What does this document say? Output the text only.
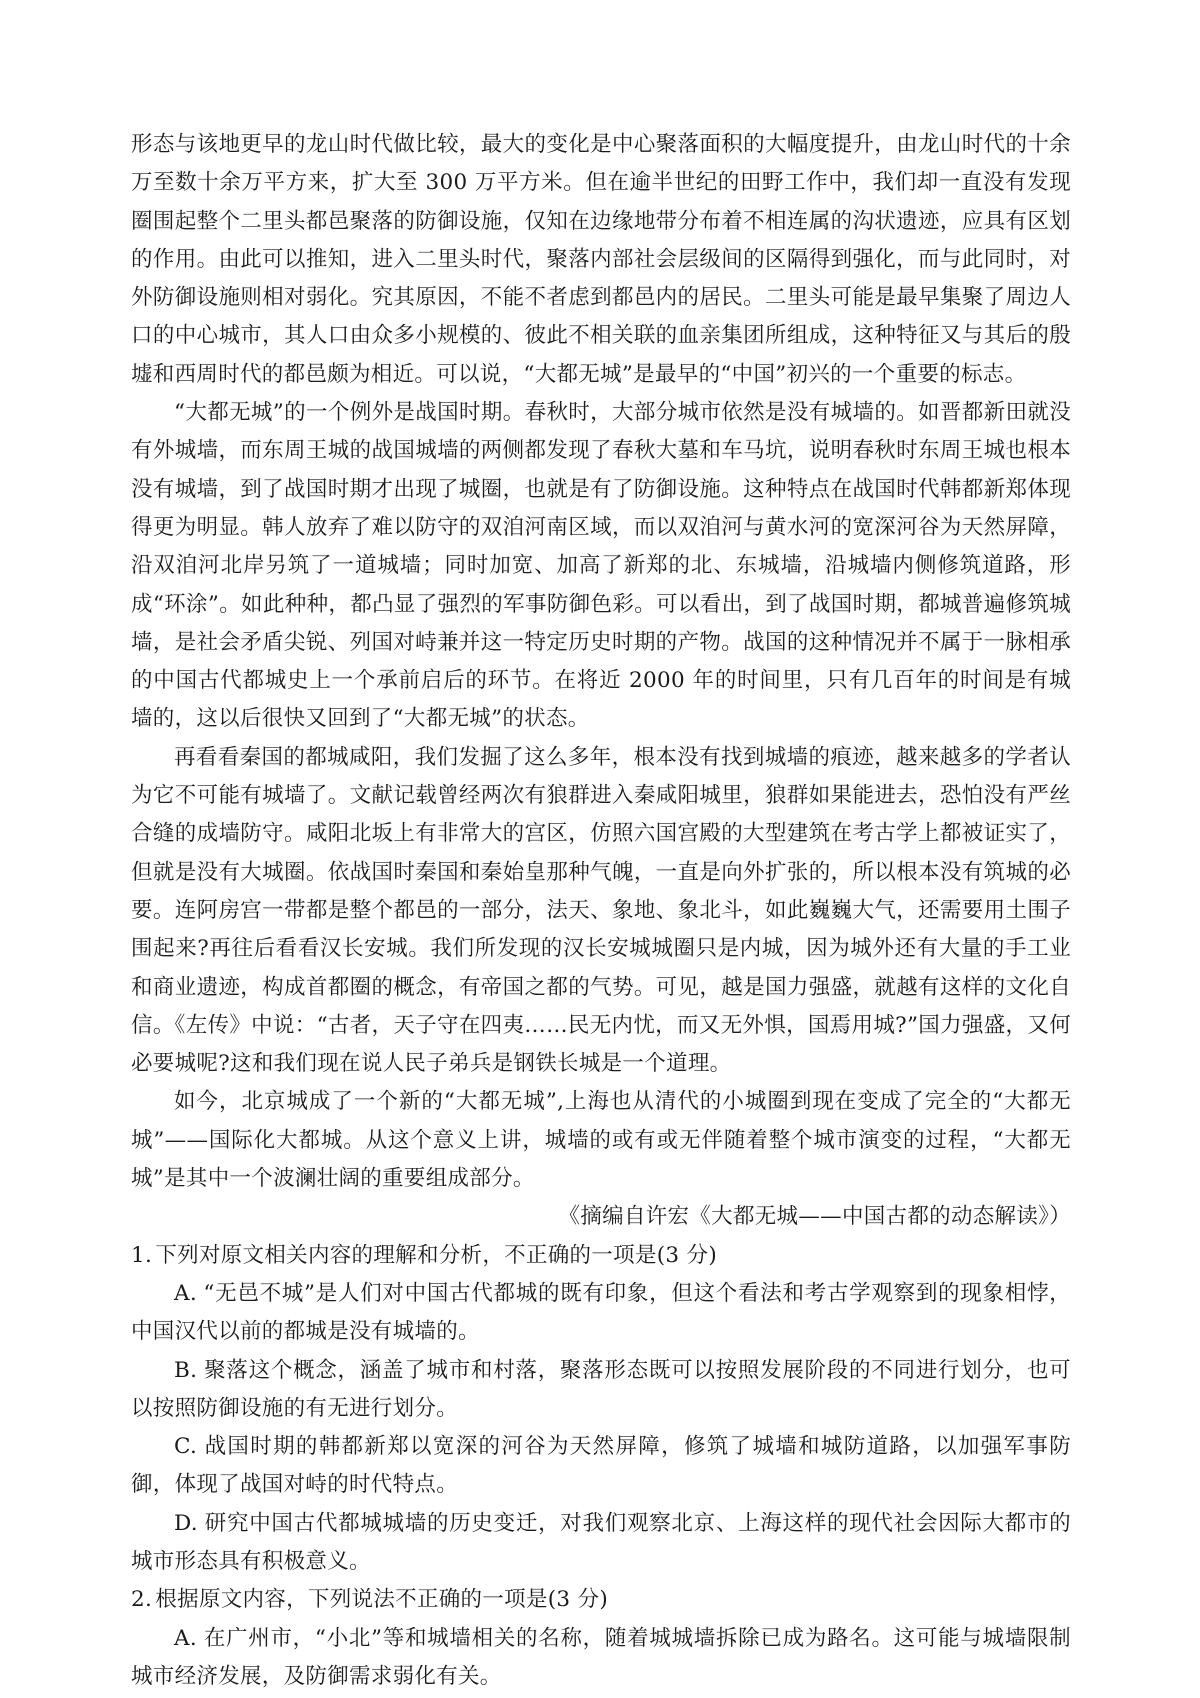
形态与该地更早的龙山时代做比较，最大的变化是中心聚落面积的大幅度提升，由龙山时代的十余万至数十余万平方来，扩大至 300 万平方米。但在逾半世纪的田野工作中，我们却一直没有发现圈围起整个二里头都邑聚落的防御设施，仅知在边缘地带分布着不相连属的沟状遗迹，应具有区划的作用。由此可以推知，进入二里头时代，聚落内部社会层级间的区隔得到强化，而与此同时，对外防御设施则相对弱化。究其原因，不能不者虑到都邑内的居民。二里头可能是最早集聚了周边人口的中心城市，其人口由众多小规模的、彼此不相关联的血亲集团所组成，这种特征又与其后的殷墟和西周时代的都邑颇为相近。可以说，“大都无城”是最早的“中国”初兴的一个重要的标志。

“大都无城”的一个例外是战国时期。春秋时，大部分城市依然是没有城墙的。如晋都新田就没有外城墙，而东周王城的战国城墙的两侧都发现了春秋大墓和车马坑，说明春秋时东周王城也根本没有城墙，到了战国时期才出现了城圈，也就是有了防御设施。这种特点在战国时代韩都新郑体现得更为明显。韩人放弃了难以防守的双洎河南区域，而以双洎河与黄水河的宽深河谷为天然屏障，沿双洎河北岸另筑了一道城墙；同时加宽、加高了新郑的北、东城墙，沿城墙内侧修筑道路，形成“环涂”。如此种种，都凸显了强烈的军事防御色彩。可以看出，到了战国时期，都城普遍修筑城墙，是社会矛盾尖锐、列国对峙兼并这一特定历史时期的产物。战国的这种情况并不属于一脉相承的中国古代都城史上一个承前启后的环节。在将近 2000 年的时间里，只有几百年的时间是有城墙的，这以后很快又回到了“大都无城”的状态。

再看看秦国的都城咸阳，我们发掘了这么多年，根本没有找到城墙的痕迹，越来越多的学者认为它不可能有城墙了。文献记载曾经两次有狼群进入秦咸阳城里，狼群如果能进去，恐怕没有严丝合缝的成墙防守。咸阳北坂上有非常大的宫区，仿照六国宫殿的大型建筑在考古学上都被证实了，但就是没有大城圈。依战国时秦国和秦始皇那种气魄，一直是向外扩张的，所以根本没有筑城的必要。连阿房宫一带都是整个都邑的一部分，法天、象地、象北斗，如此巍巍大气，还需要用土围子围起来?再往后看看汉长安城。我们所发现的汉长安城城圈只是内城，因为城外还有大量的手工业和商业遗迹，构成首都圈的概念，有帝国之都的气势。可见，越是国力强盛，就越有这样的文化自信。《左传》中说：“古者，天子守在四夷……民无内忧，而又无外惧，国焉用城?”国力强盛，又何必要城呢?这和我们现在说人民子弟兵是钢铁长城是一个道理。

如今，北京城成了一个新的“大都无城”,上海也从清代的小城圈到现在变成了完全的“大都无城”——国际化大都城。从这个意义上讲，城墙的或有或无伴随着整个城市演变的过程，“大都无城”是其中一个波澜壮阔的重要组成部分。

《摘编自许宏《大都无城——中国古都的动态解读》）

1. 下列对原文相关内容的理解和分析，不正确的一项是(3 分)

A. “无邑不城”是人们对中国古代都城的既有印象，但这个看法和考古学观察到的现象相悖，中国汉代以前的都城是没有城墙的。

B. 聚落这个概念，涵盖了城市和村落，聚落形态既可以按照发展阶段的不同进行划分，也可以按照防御设施的有无进行划分。

C. 战国时期的韩都新郑以宽深的河谷为天然屏障，修筑了城墙和城防道路，以加强军事防御，体现了战国对峙的时代特点。

D. 研究中国古代都城城墙的历史变迁，对我们观察北京、上海这样的现代社会因际大都市的城市形态具有积极意义。

2. 根据原文内容，下列说法不正确的一项是(3 分)

A. 在广州市，“小北”等和城墙相关的名称，随着城城墙拆除已成为路名。这可能与城墙限制城市经济发展，及防御需求弱化有关。
